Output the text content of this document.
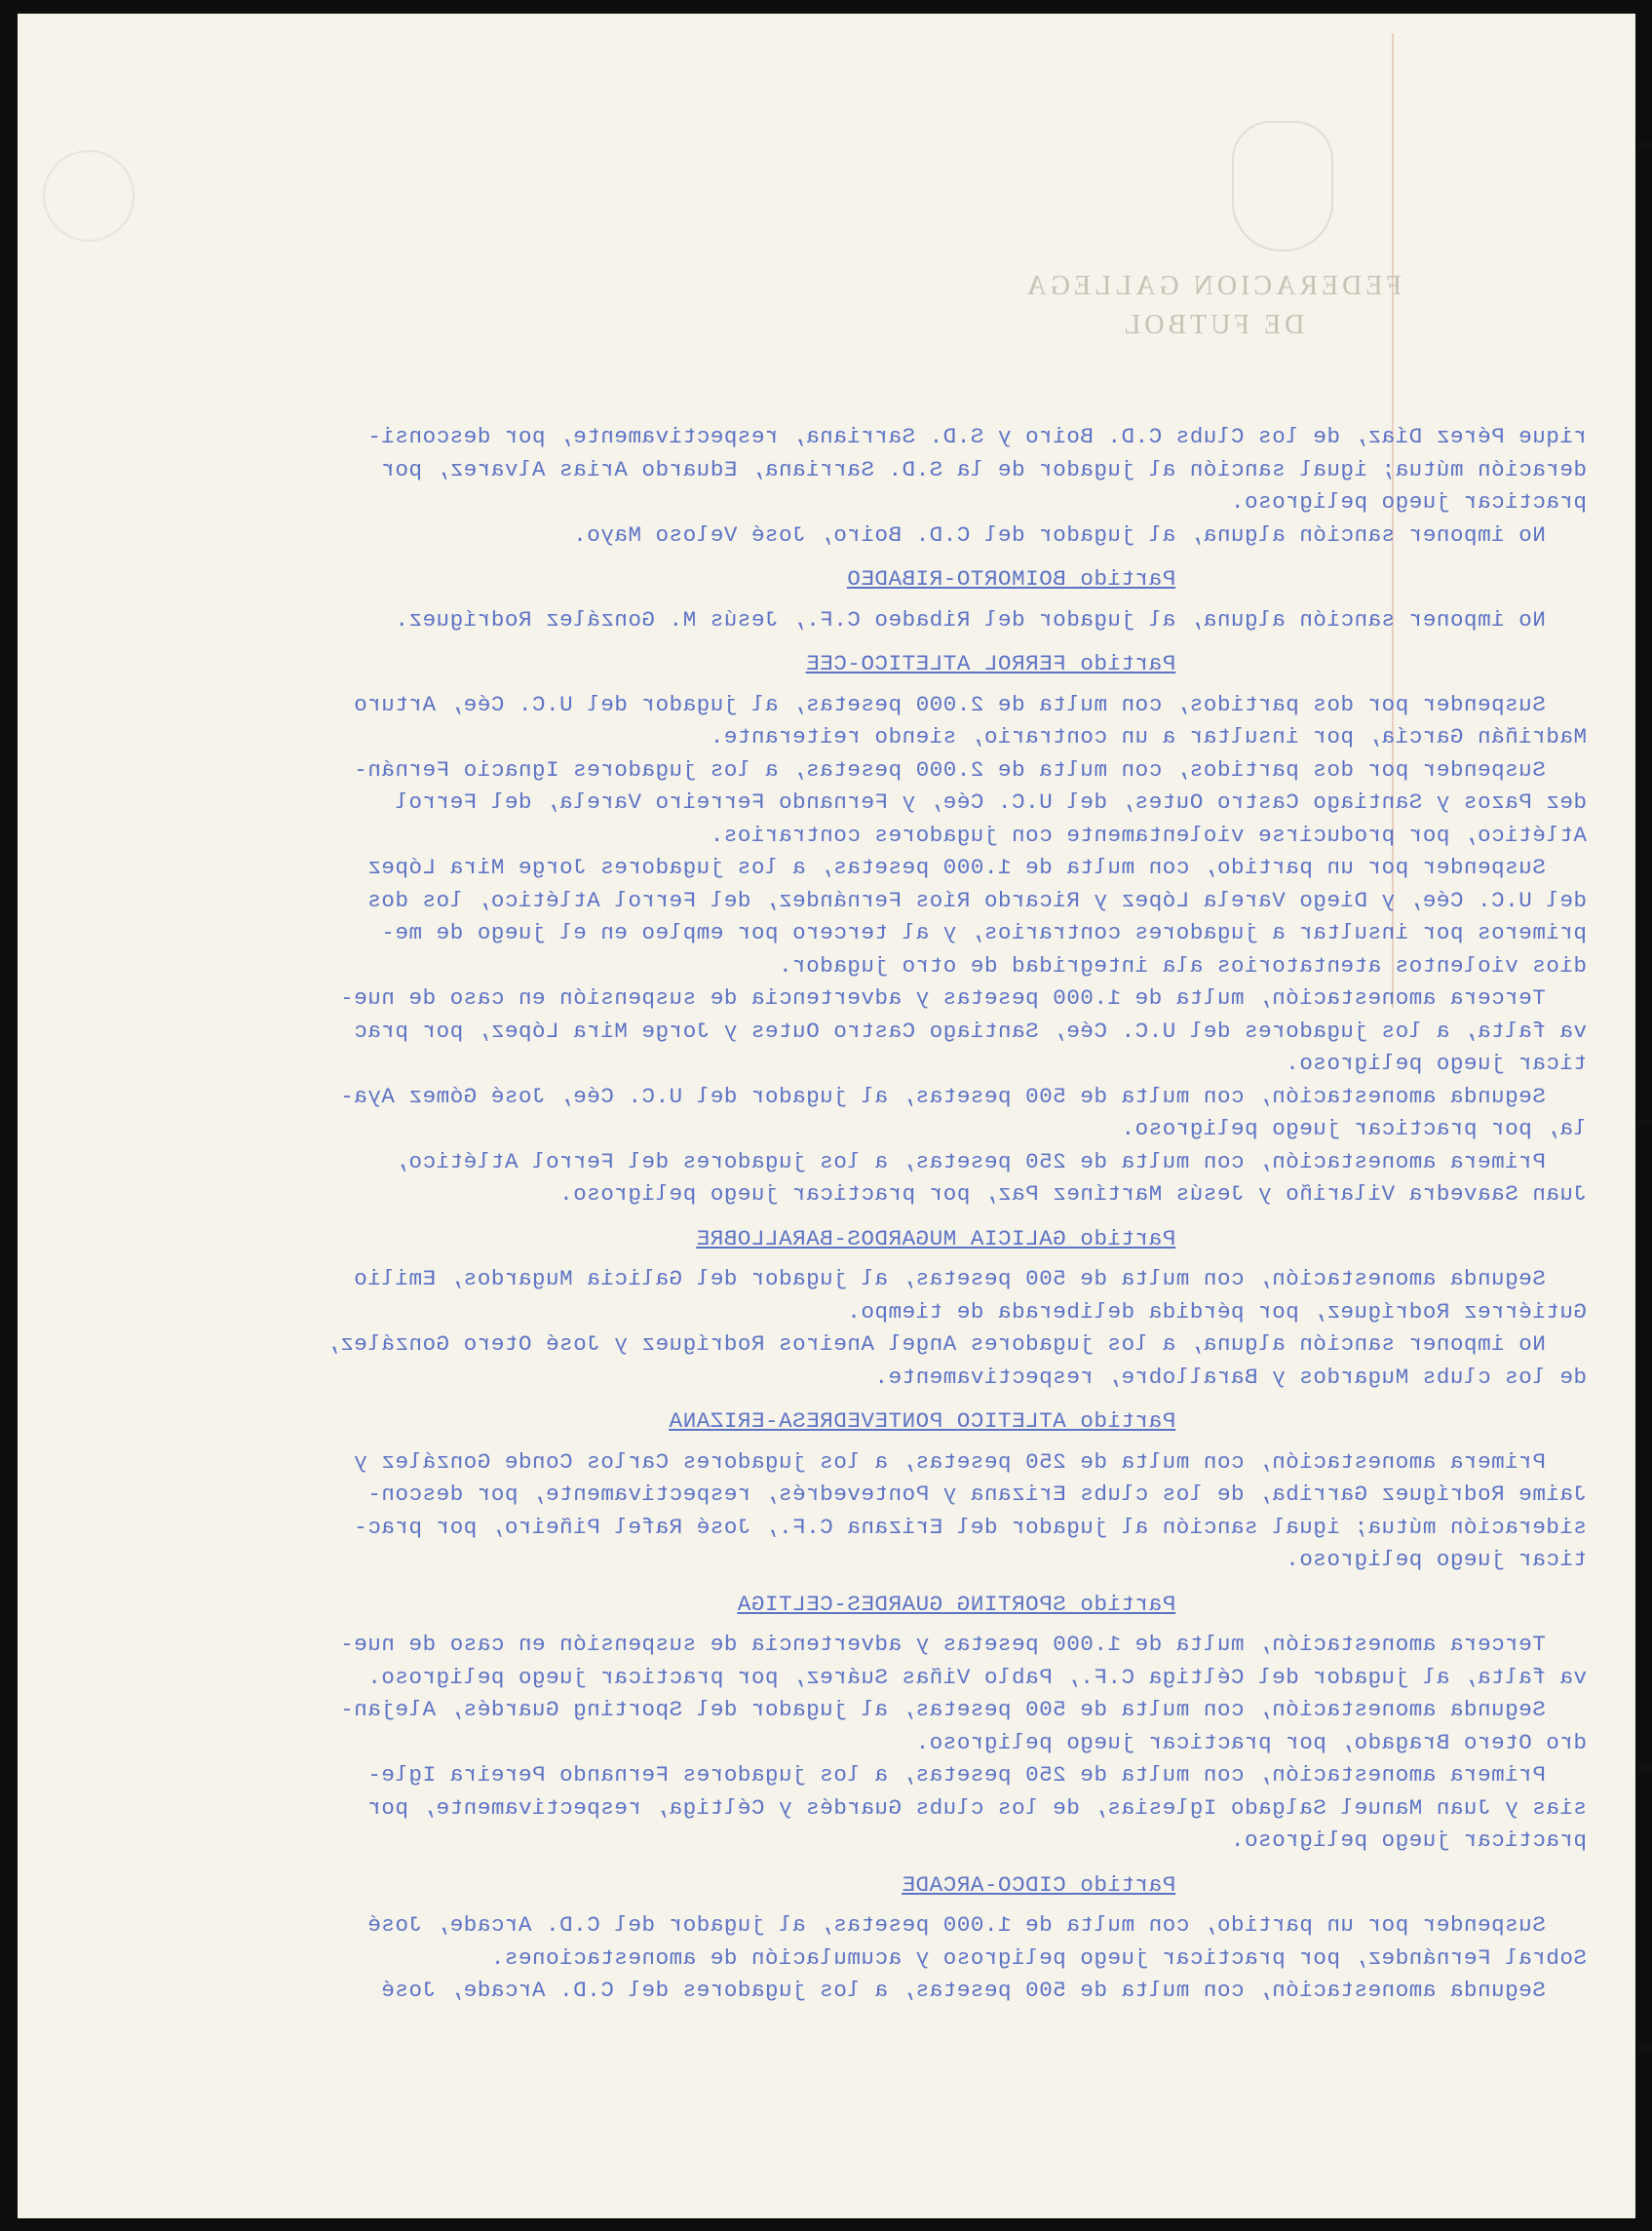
FEDERACION GALLEGA
DE FUTBOL
rique Pérez Díaz, de los Clubs C.D. Boiro y S.D. Sarriana, respectivamente, por desconsi-
deración mútua; igual sanción al jugador de la S.D. Sarriana, Eduardo Arias Alvarez, por
practicar juego peligroso.
No imponer sanción alguna, al jugador del C.D. Boiro, José Veloso Mayo.
Partido BOIMORTO-RIBADEO
No imponer sanción alguna, al jugador del Ribadeo C.F., Jesús M. González Rodríguez.
Partido FERROL ATLETICO-CEE
Suspender por dos partidos, con multa de 2.000 pesetas, al jugador del U.C. Cée, Arturo
Madriñán García, por insultar a un contrario, siendo reiterante.
Suspender por dos partidos, con multa de 2.000 pesetas, a los jugadores Ignacio Fernán-
dez Pazos y Santiago Castro Outes, del U.C. Cée, y Fernando Ferreiro Varela, del Ferrol
Atlético, por producirse violentamente con jugadores contrarios.
Suspender por un partido, con multa de 1.000 pesetas, a los jugadores Jorge Mira López
del U.C. Cée, y Diego Varela López y Ricardo Ríos Fernández, del Ferrol Atlético, los dos
primeros por insultar a jugadores contrarios, y al tercero por empleo en el juego de me-
dios violentos atentatorios ala integridad de otro jugador.
Tercera amonestación, multa de 1.000 pesetas y advertencia de suspensión en caso de nue-
va falta, a los jugadores del U.C. Cée, Santiago Castro Outes y Jorge Mira López, por prac
ticar juego peligroso.
Segunda amonestación, con multa de 500 pesetas, al jugador del U.C. Cée, José Gómez Aya-
la, por practicar juego peligroso.
Primera amonestación, con multa de 250 pesetas, a los jugadores del Ferrol Atlético,
Juan Saavedra Vilariño y Jesús Martínez Paz, por practicar juego peligroso.
Partido GALICIA MUGARDOS-BARALLOBRE
Segunda amonestación, con multa de 500 pesetas, al jugador del Galicia Mugardos, Emilio
Gutiérrez Rodríguez, por pérdida deliberada de tiempo.
No imponer sanción alguna, a los jugadores Angel Aneiros Rodríguez y José Otero González,
de los clubs Mugardos y Barallobre, respectivamente.
Partido ATLETICO PONTEVEDRESA-ERIZANA
Primera amonestación, con multa de 250 pesetas, a los jugadores Carlos Conde González y
Jaime Rodríguez Garriba, de los clubs Erizana y Pontevedrés, respectivamente, por descon-
sideración mútua; igual sanción al jugador del Erizana C.F., José Rafel Piñeiro, por prac-
ticar juego peligroso.
Partido SPORTING GUARDES-CELTIGA
Tercera amonestación, multa de 1.000 pesetas y advertencia de suspensión en caso de nue-
va falta, al jugador del Céltiga C.F., Pablo Viñas Suárez, por practicar juego peligroso.
Segunda amonestación, con multa de 500 pesetas, al jugador del Sporting Guardés, Alejan-
dro Otero Bragado, por practicar juego peligroso.
Primera amonestación, con multa de 250 pesetas, a los jugadores Fernando Pereira Igle-
sias y Juan Manuel Salgado Iglesias, de los clubs Guardés y Céltiga, respectivamente, por
practicar juego peligroso.
Partido CIDCO-ARCADE
Suspender por un partido, con multa de 1.000 pesetas, al jugador del C.D. Arcade, José
Sobral Fernández, por practicar juego peligroso y acumulación de amonestaciones.
Segunda amonestación, con multa de 500 pesetas, a los jugadores del C.D. Arcade, José
